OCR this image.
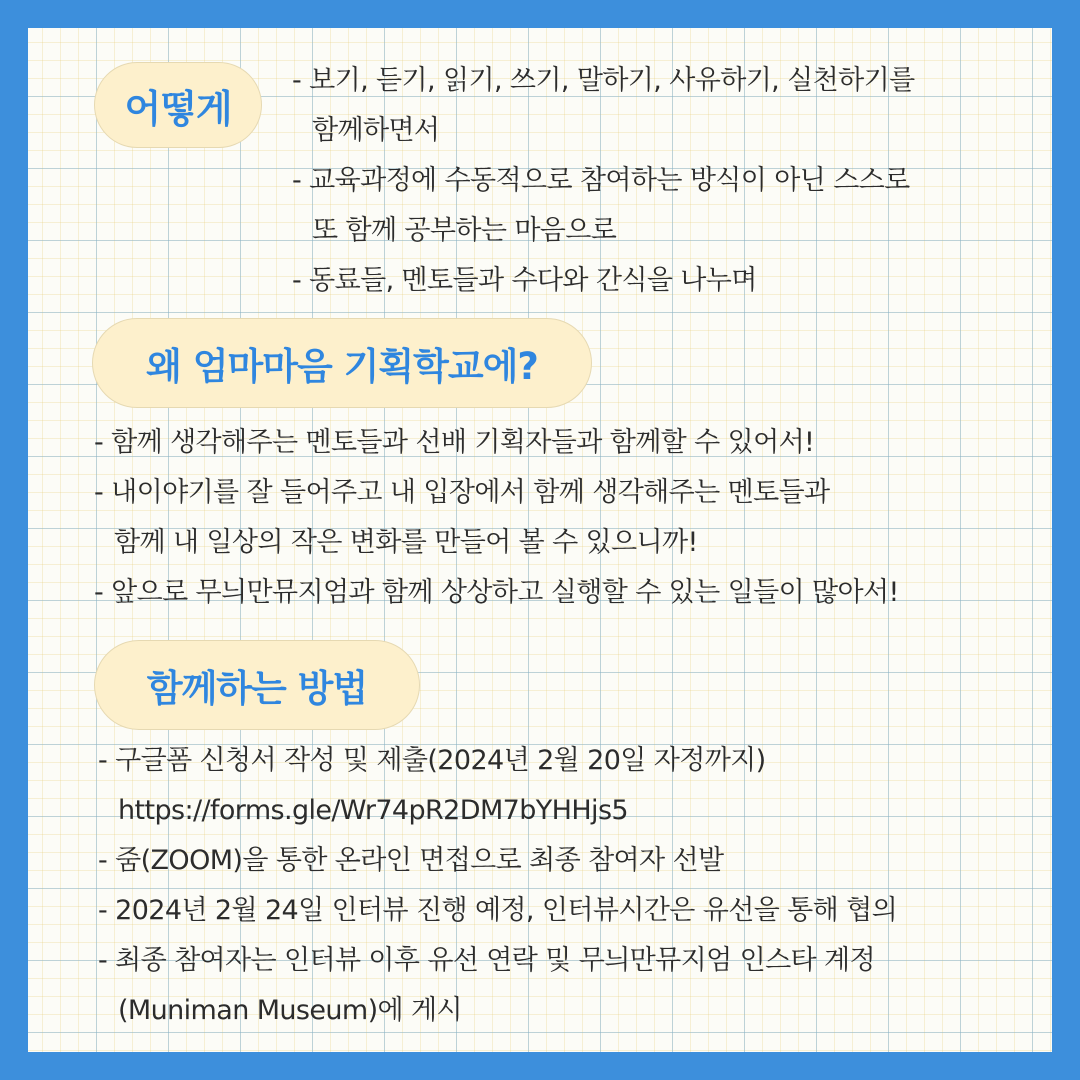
어떻게
- 보기, 듣기, 읽기, 쓰기, 말하기, 사유하기, 실천하기를
함께하면서
- 교육과정에 수동적으로 참여하는 방식이 아닌 스스로
또 함께 공부하는 마음으로
- 동료들, 멘토들과 수다와 간식을 나누며
왜 엄마마음 기획학교에?
- 함께 생각해주는 멘토들과 선배 기획자들과 함께할 수 있어서!
- 내이야기를 잘 들어주고 내 입장에서 함께 생각해주는 멘토들과
함께 내 일상의 작은 변화를 만들어 볼 수 있으니까!
- 앞으로 무늬만뮤지엄과 함께 상상하고 실행할 수 있는 일들이 많아서!
함께하는 방법
- 구글폼 신청서 작성 및 제출(2024년 2월 20일 자정까지)
https://forms.gle/Wr74pR2DM7bYHHjs5
- 줌(ZOOM)을 통한 온라인 면접으로 최종 참여자 선발
- 2024년 2월 24일 인터뷰 진행 예정, 인터뷰시간은 유선을 통해 협의
- 최종 참여자는 인터뷰 이후 유선 연락 및 무늬만뮤지엄 인스타 계정
(Muniman Museum)에 게시
